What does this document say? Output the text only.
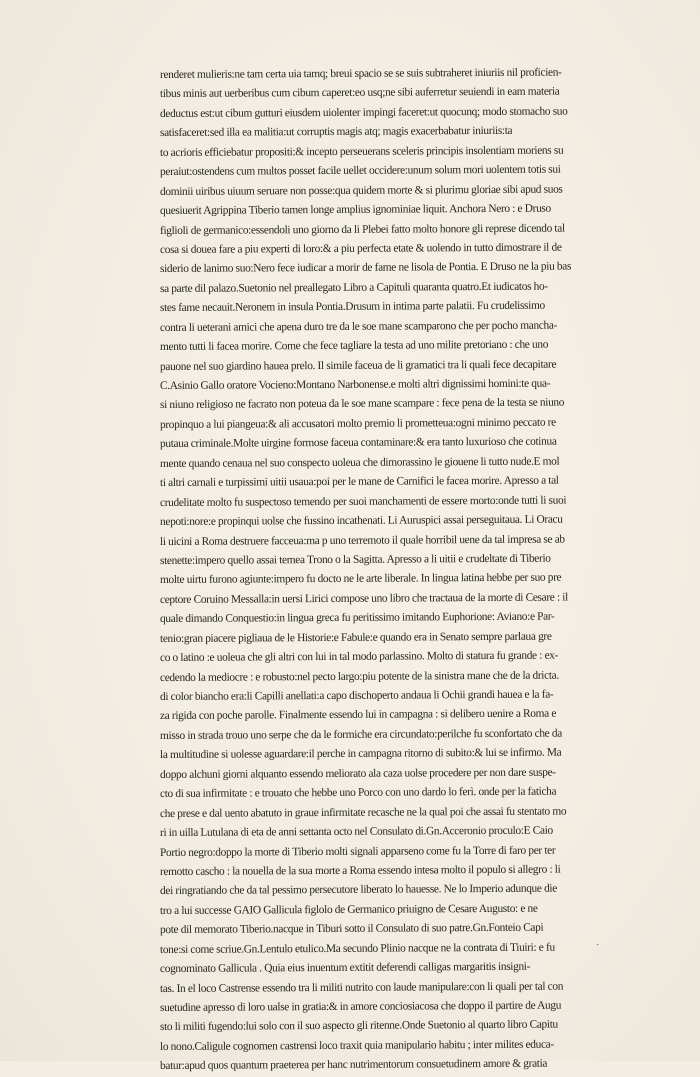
renderet mulieris:ne tam certa uia tamq; breui spacio se se suis subtraheret iniuriis nil proficien-
tibus minis aut uerberibus cum cibum caperet:eo usq;ne sibi auferretur seuiendi in eam materia
deductus est:ut cibum gutturi eiusdem uiolenter impingi faceret:ut quocunq; modo stomacho suo
satisfaceret:sed illa ea malitia:ut corruptis magis atq; magis exacerbabatur iniuriis:ta
to acrioris efficiebatur propositi:& incepto perseuerans sceleris principis insolentiam moriens su
peraiut:ostendens cum multos posset facile uellet occidere:unum solum mori uolentem totis sui
dominii uiribus uiuum seruare non posse:qua quidem morte & si plurimu gloriae sibi apud suos
quesiuerit Agrippina Tiberio tamen longe amplius ignominiae liquit. Anchora Nero : e Druso
figlioli de germanico:essendoli uno giorno da li Plebei fatto molto honore gli represe dicendo tal
cosa si douea fare a piu experti di loro:& a piu perfecta etate & uolendo in tutto dimostrare il de
siderio de lanimo suo:Nero fece iudicar a morir de fame ne lisola de Pontia. E Druso ne la piu bas
sa parte dil palazo.Suetonio nel preallegato Libro a Capituli quaranta quatro.Et iudicatos ho-
stes fame necauit.Neronem in insula Pontia.Drusum in intima parte palatii. Fu crudelissimo
contra li ueterani amici che apena duro tre da le soe mane scamparono che per pocho mancha-
mento tutti li facea morire. Come che fece tagliare la testa ad uno milite pretoriano : che uno
pauone nel suo giardino hauea prelo. Il simile faceua de li gramatici tra li quali fece decapitare
C.Asinio Gallo oratore Vocieno:Montano Narbonense.e molti altri dignissimi homini:te qua-
si niuno religioso ne facrato non poteua da le soe mane scampare : fece pena de la testa se niuno
propinquo a lui piangeua:& ali accusatori molto premio li prometteua:ogni minimo peccato re
putaua criminale.Molte uirgine formose faceua contaminare:& era tanto luxurioso che cotinua
mente quando cenaua nel suo conspecto uoleua che dimorassino le giouene li tutto nude.E mol
ti altri carnali e turpissimi uitii usaua:poi per le mane de Carnifici le facea morire. Apresso a tal
crudelitate molto fu suspectoso temendo per suoi manchamenti de essere morto:onde tutti li suoi
nepoti:nore:e propinqui uolse che fussino incathenati. Li Auruspici assai perseguitaua. Li Oracu
li uicini a Roma destruere facceua:ma p uno terremoto il quale horribil uene da tal impresa se ab
stenette:impero quello assai temea Trono o la Sagitta. Apresso a li uitii e crudeltate di Tiberio
molte uirtu furono agiunte:impero fu docto ne le arte liberale. In lingua latina hebbe per suo pre
ceptore Coruino Messalla:in uersi Lirici compose uno libro che tractaua de la morte di Cesare : il
quale dimando Conquestio:in lingua greca fu peritissimo imitando Euphorione: Aviano:e Par-
tenio:gran piacere pigliaua de le Historie:e Fabule:e quando era in Senato sempre parlaua gre
co o latino :e uoleua che gli altri con lui in tal modo parlassino. Molto di statura fu grande : ex-
cedendo la mediocre : e robusto:nel pecto largo:piu potente de la sinistra mane che de la dricta.
di color biancho era:li Capilli anellati:a capo dischoperto andaua li Ochii grandi hauea e la fa-
za rigida con poche parolle. Finalmente essendo lui in campagna : si delibero uenire a Roma e
misso in strada trouo uno serpe che da le formiche era circundato:perilche fu sconfortato che da
la multitudine si uolesse aguardare:il perche in campagna ritorno di subito:& lui se infirmo. Ma
doppo alchuni giorni alquanto essendo meliorato ala caza uolse procedere per non dare suspe-
cto di sua infirmitate : e trouato che hebbe uno Porco con uno dardo lo ferì. onde per la faticha
che prese e dal uento abatuto in graue infirmitate recasche ne la qual poi che assai fu stentato mo
ri in uilla Lutulana di eta de anni settanta octo nel Consulato di.Gn.Acceronio proculo:E Caio
Portio negro:doppo la morte di Tiberio molti signali apparseno come fu la Torre di faro per ter
remotto cascho : la nouella de la sua morte a Roma essendo intesa molto il populo si allegro : li
dei ringratiando che da tal pessimo persecutore liberato lo hauesse. Ne lo Imperio adunque die
tro a lui successe GAIO Gallicula figlolo de Germanico priuigno de Cesare Augusto: e ne
pote dil memorato Tiberio.nacque in Tiburi sotto il Consulato di suo patre.Gn.Fonteio Capi
tone:si come scriue.Gn.Lentulo etulico.Ma secundo Plinio nacque ne la contrata di Tiuiri: e fu
cognominato Gallicula . Quia eius inuentum extitit deferendi calligas margaritis insigni-
tas. In el loco Castrense essendo tra li militi nutrito con laude manipulare:con li quali per tal con
suetudine apresso di loro ualse in gratia:& in amore conciosiacosa che doppo il partire de Augu
sto li militi fugendo:lui solo con il suo aspecto gli ritenne.Onde Suetonio al quarto libro Capitu
lo nono.Caligule cognomen castrensi loco traxit quia manipulario habitu ; inter milites educa-
batur:apud quos quantum praeterea per hanc nutrimentorum consuetudinem amore & gratia
·
